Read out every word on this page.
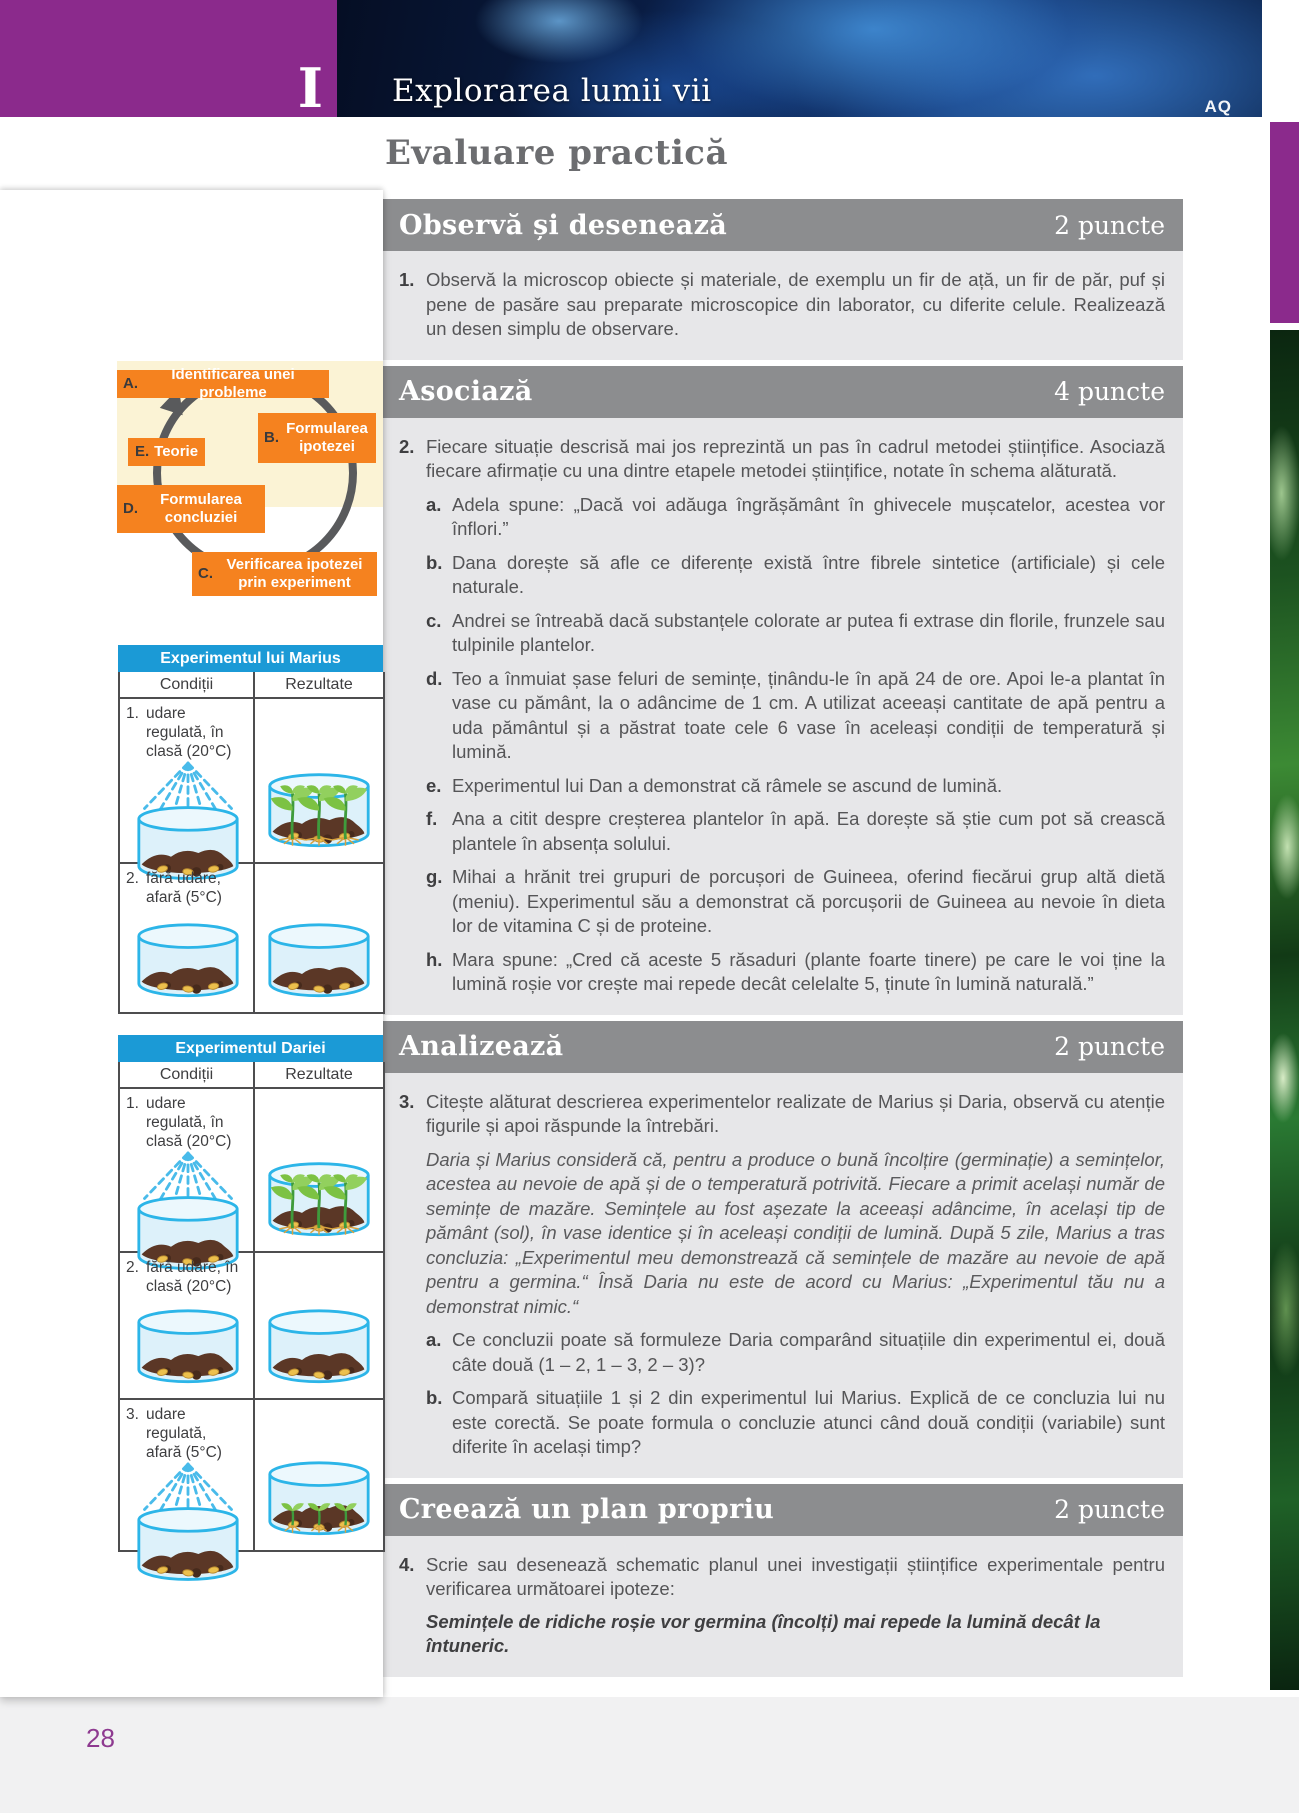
I Explorarea lumii vii	AQ
A.
Identificarea unei probleme
B.
Formularea ipotezei
E. Teorie
D.
Formularea concluziei
C.
Verificarea ipotezei prin experiment
Experimentul lui Marius
Condiții	Rezultate

1. udare regulată, în clasă (20°C)

2. fără udare, afară (5°C)

Experimentul Dariei
Condiții	Rezultate

1. udare regulată, în clasă (20°C)

2. fără udare, în clasă (20°C)

3. udare regulată, afară (5°C)

Evaluare practică
Observă și desenează	2 puncte
1. Observă la microscop obiecte și materiale, de exemplu un fir de ață, un fir de păr, puf și pene de pasăre sau preparate microscopice din laborator, cu diferite celule. Realizează un desen simplu de observare.
Asociază	4 puncte
2. Fiecare situație descrisă mai jos reprezintă un pas în cadrul metodei științifice. Asociază fiecare afirmație cu una dintre etapele metodei științifice, notate în schema alăturată.
a. Adela spune: „Dacă voi adăuga îngrășământ în ghivecele mușcatelor, acestea vor înflori.”
b. Dana dorește să afle ce diferențe există între fibrele sintetice (artificiale) și cele naturale.
c. Andrei se întreabă dacă substanțele colorate ar putea fi extrase din florile, frunzele sau tulpinile plantelor.
d. Teo a înmuiat șase feluri de semințe, ținându-le în apă 24 de ore. Apoi le-a plantat în vase cu pământ, la o adâncime de 1 cm. A utilizat aceeași cantitate de apă pentru a uda pământul și a păstrat toate cele 6 vase în aceleași condiții de temperatură și lumină.
e. Experimentul lui Dan a demonstrat că râmele se ascund de lumină.
f. Ana a citit despre creșterea plantelor în apă. Ea dorește să știe cum pot să crească plantele în absența solului.
g. Mihai a hrănit trei grupuri de porcușori de Guineea, oferind fiecărui grup altă dietă (meniu). Experimentul său a demonstrat că porcușorii de Guineea au nevoie în dieta lor de vitamina C și de proteine.
h. Mara spune: „Cred că aceste 5 răsaduri (plante foarte tinere) pe care le voi ține la lumină roșie vor crește mai repede decât celelalte 5, ținute în lumină naturală.”
Analizează	2 puncte
3. Citește alăturat descrierea experimentelor realizate de Marius și Daria, observă cu atenție figurile și apoi răspunde la întrebări.
Daria și Marius consideră că, pentru a produce o bună încolțire (germinație) a semințelor, acestea au nevoie de apă și de o temperatură potrivită. Fiecare a primit același număr de semințe de mazăre. Semințele au fost așezate la aceeași adâncime, în același tip de pământ (sol), în vase identice și în aceleași condiții de lumină. După 5 zile, Marius a tras concluzia: „Experimentul meu demonstrează că semințele de mazăre au nevoie de apă pentru a germina.“ Însă Daria nu este de acord cu Marius: „Experimentul tău nu a demonstrat nimic.“
a. Ce concluzii poate să formuleze Daria comparând situațiile din experimentul ei, două câte două (1 – 2, 1 – 3, 2 – 3)?
b. Compară situațiile 1 și 2 din experimentul lui Marius. Explică de ce concluzia lui nu este corectă. Se poate formula o concluzie atunci când două condiții (variabile) sunt diferite în același timp?
Creează un plan propriu	2 puncte
4. Scrie sau desenează schematic planul unei investigații științifice experimentale pentru verificarea următoarei ipoteze:
Semințele de ridiche roșie vor germina (încolți) mai repede la lumină decât la întuneric.
28
